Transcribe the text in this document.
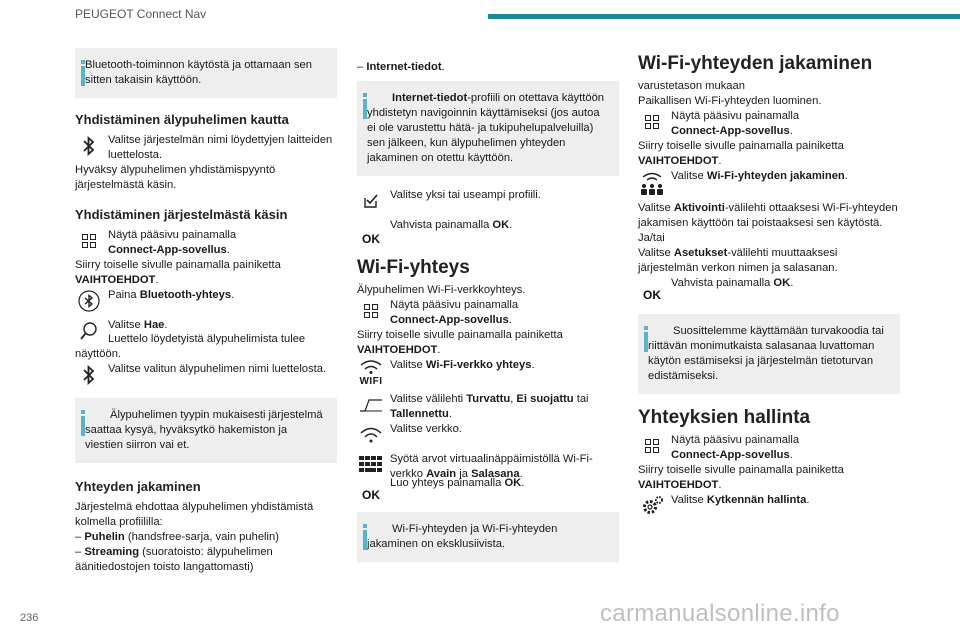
PEUGEOT Connect Nav

Bluetooth-toiminnon käytöstä ja ottamaan sen sitten takaisin käyttöön.

Yhdistäminen älypuhelimen kautta
Valitse järjestelmän nimi löydettyjen laitteiden luettelosta.

Hyväksy älypuhelimen yhdistämispyyntö järjestelmästä käsin.

Yhdistäminen järjestelmästä käsin
Näytä pääsivu painamalla
Connect-App-sovellus.

Siirry toiselle sivulle painamalla painiketta
VAIHTOEHDOT.

Paina Bluetooth-yhteys.
Valitse Hae.

Luettelo löydetyistä älypuhelimista tulee näyttöön.

Valitse valitun älypuhelimen nimi luettelosta.

Älypuhelimen tyypin mukaisesti järjestelmä saattaa kysyä, hyväksytkö hakemiston ja viestien siirron vai et.

Yhteyden jakaminen

Järjestelmä ehdottaa älypuhelimen yhdistämistä kolmella profiililla:

– Puhelin (handsfree-sarja, vain puhelin)

– Streaming (suoratoisto: älypuhelimen äänitiedostojen toisto langattomasti)

– Internet-tiedot.

Internet-tiedot-profiili on otettava käyttöön yhdistetyn navigoinnin käyttämiseksi (jos autoa ei ole varustettu hätä- ja tukipuhelupalveluilla) sen jälkeen, kun älypuhelimen yhteyden jakaminen on otettu käyttöön.

Valitse yksi tai useampi profiili.
OK
Vahvista painamalla OK.
Wi-Fi-yhteys

Älypuhelimen Wi-Fi-verkkoyhteys.

Näytä pääsivu painamalla
Connect-App-sovellus.

Siirry toiselle sivulle painamalla painiketta
VAIHTOEHDOT.

WIFI
Valitse Wi-Fi-verkko yhteys.
Valitse välilehti Turvattu, Ei suojattu tai Tallennettu.
Valitse verkko.
Syötä arvot virtuaalinäppäimistöllä Wi-Fi-verkko Avain ja Salasana.
OK
Luo yhteys painamalla OK.

Wi-Fi-yhteyden ja Wi-Fi-yhteyden jakaminen on eksklusiivista.

Wi-Fi-yhteyden jakaminen

varustetason mukaan

Paikallisen Wi-Fi-yhteyden luominen.

Näytä pääsivu painamalla
Connect-App-sovellus.

Siirry toiselle sivulle painamalla painiketta
VAIHTOEHDOT.

Valitse Wi-Fi-yhteyden jakaminen.

Valitse Aktivointi-välilehti ottaaksesi Wi-Fi-yhteyden jakamisen käyttöön tai poistaaksesi sen käytöstä.

Ja/tai

Valitse Asetukset-välilehti muuttaaksesi järjestelmän verkon nimen ja salasanan.

OK
Vahvista painamalla OK.

Suosittelemme käyttämään turvakoodia tai riittävän monimutkaista salasanaa luvattoman käytön estämiseksi ja järjestelmän tietoturvan edistämiseksi.

Yhteyksien hallinta
Näytä pääsivu painamalla
Connect-App-sovellus.

Siirry toiselle sivulle painamalla painiketta
VAIHTOEHDOT.

Valitse Kytkennän hallinta.
236	carmanualsonline.info
